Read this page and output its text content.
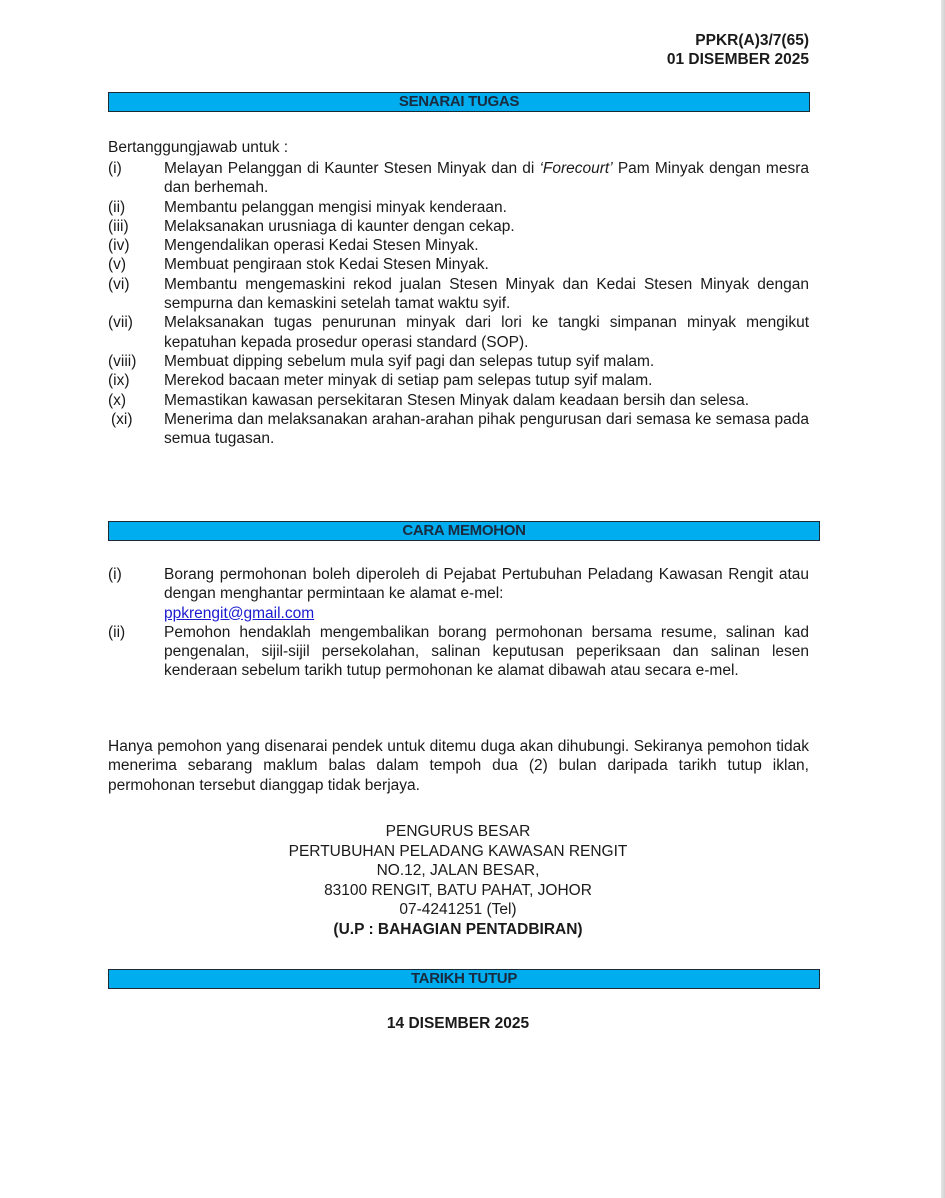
PPKR(A)3/7(65)
01 DISEMBER 2025
SENARAI TUGAS
Bertanggungjawab untuk :
(i)	Melayan Pelanggan di Kaunter Stesen Minyak dan di ‘Forecourt’ Pam Minyak dengan mesra dan berhemah.
(ii)	Membantu pelanggan mengisi minyak kenderaan.
(iii)	Melaksanakan urusniaga di kaunter dengan cekap.
(iv)	Mengendalikan operasi Kedai Stesen Minyak.
(v)	Membuat pengiraan stok Kedai Stesen Minyak.
(vi)	Membantu mengemaskini rekod jualan Stesen Minyak dan Kedai Stesen Minyak dengan sempurna dan kemaskini setelah tamat waktu syif.
(vii)	Melaksanakan tugas penurunan minyak dari lori ke tangki simpanan minyak mengikut kepatuhan kepada prosedur operasi standard (SOP).
(viii)	Membuat dipping sebelum mula syif pagi dan selepas tutup syif malam.
(ix)	Merekod bacaan meter minyak di setiap pam selepas tutup syif malam.
(x)	Memastikan kawasan persekitaran Stesen Minyak dalam keadaan bersih dan selesa.
(xi)	Menerima dan melaksanakan arahan-arahan pihak pengurusan dari semasa ke semasa pada semua tugasan.
CARA MEMOHON
(i)	Borang permohonan boleh diperoleh di Pejabat Pertubuhan Peladang Kawasan Rengit atau dengan menghantar permintaan ke alamat e-mel:
ppkrengit@gmail.com
(ii)	Pemohon hendaklah mengembalikan borang permohonan bersama resume, salinan kad pengenalan, sijil-sijil persekolahan, salinan keputusan peperiksaan dan salinan lesen kenderaan sebelum tarikh tutup permohonan ke alamat dibawah atau secara e-mel.
Hanya pemohon yang disenarai pendek untuk ditemu duga akan dihubungi. Sekiranya pemohon tidak menerima sebarang maklum balas dalam tempoh dua (2) bulan daripada tarikh tutup iklan, permohonan tersebut dianggap tidak berjaya.
PENGURUS BESAR
PERTUBUHAN PELADANG KAWASAN RENGIT
NO.12, JALAN BESAR,
83100 RENGIT, BATU PAHAT, JOHOR
07-4241251 (Tel)
(U.P : BAHAGIAN PENTADBIRAN)
TARIKH TUTUP
14 DISEMBER 2025
